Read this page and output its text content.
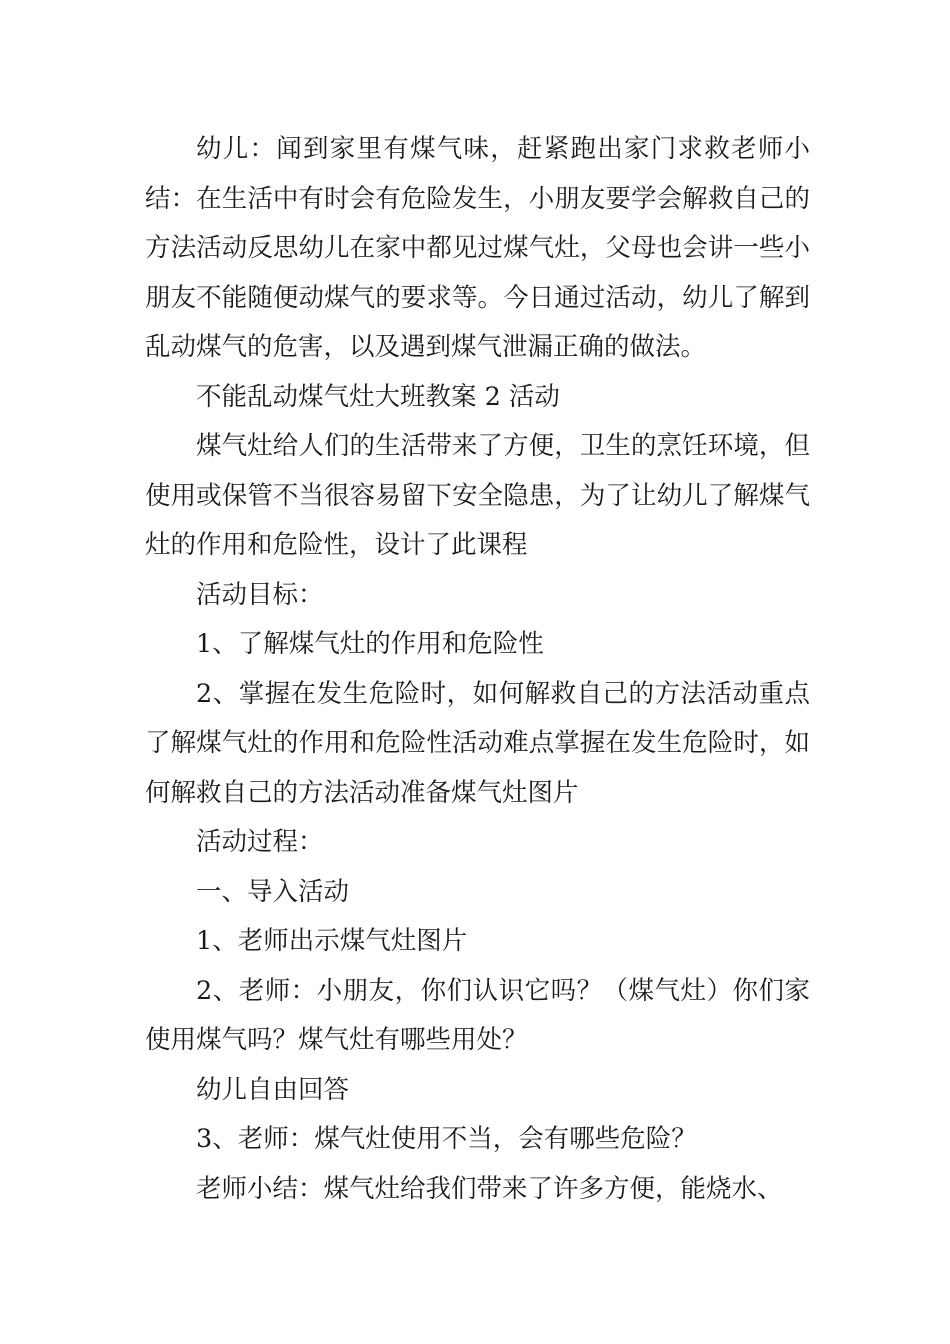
幼儿：闻到家里有煤气味，赶紧跑出家门求救老师小结：在生活中有时会有危险发生，小朋友要学会解救自己的方法活动反思幼儿在家中都见过煤气灶，父母也会讲一些小朋友不能随便动煤气的要求等。今日通过活动，幼儿了解到乱动煤气的危害，以及遇到煤气泄漏正确的做法。

不能乱动煤气灶大班教案 2 活动

煤气灶给人们的生活带来了方便，卫生的烹饪环境，但使用或保管不当很容易留下安全隐患，为了让幼儿了解煤气灶的作用和危险性，设计了此课程

活动目标：

1、了解煤气灶的作用和危险性

2、掌握在发生危险时，如何解救自己的方法活动重点了解煤气灶的作用和危险性活动难点掌握在发生危险时，如何解救自己的方法活动准备煤气灶图片

活动过程：

一、导入活动

1、老师出示煤气灶图片

2、老师：小朋友，你们认识它吗？（煤气灶）你们家使用煤气吗？煤气灶有哪些用处？

幼儿自由回答

3、老师：煤气灶使用不当，会有哪些危险？

老师小结：煤气灶给我们带来了许多方便，能烧水、
